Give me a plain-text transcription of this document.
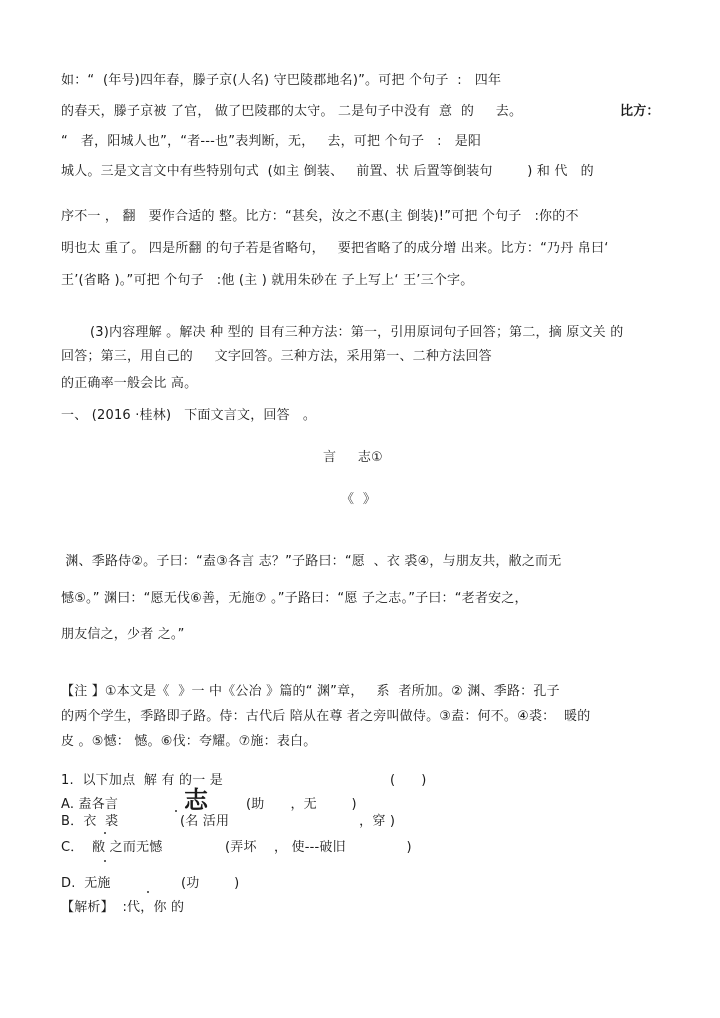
如：“  (年号)四年春，滕子京(人名) 守巴陵郡地名)”。可把 个句子  :   四年
的春天，滕子京被 了官， 做了巴陵郡的太守。 二是句子中没有  意  的     去。	比方：
“   者，阳城人也”，“者---也”表判断，无，   去，可把 个句子   :   是阳
城人。三是文言文中有些特别句式  (如主 倒装、   前置、状 后置等倒装句        ) 和 代   的
序不一 ， 翻   要作合适的 整。比方：“甚矣，汝之不惠(主 倒装)!”可把 个句子   :你的不
明也太 重了。 四是所翻 的句子若是省略句，   要把省略了的成分增 出来。比方：“乃丹 帛曰‘
王’(省略 )。”可把 个句子   :他 (主 ) 就用朱砂在 子上写上‘ 王’三个字。
(3)内容理解 。解决 种 型的 目有三种方法：第一，引用原词句子回答；第二，摘 原文关 的
回答；第三，用自己的     文字回答。三种方法，采用第一、二种方法回答
的正确率一般会比 高。
一、 (2016 ·桂林)   下面文言文，回答   。
言     志①
《  》
渊、季路侍②。子曰：“盍③各言 志？”子路曰：“愿  、衣 裘④，与朋友共，敝之而无
憾⑤。” 渊曰：“愿无伐⑥善，无施⑦ 。”子路曰：“愿 子之志。”子曰：“老者安之，
朋友信之，少者 之。”
【注 】①本文是《  》一 中《公冶 》篇的“ 渊”章，   系  者所加。② 渊、季路：孔子
的两个学生，季路即子路。侍：古代后 陪从在尊 者之旁叫做侍。③盍：何不。④裘：  暖的
皮 。⑤憾： 憾。⑥伐：夸耀。⑦施：表白。
1.  以下加点  解 有 的一 是	(      )
A. 盍各言	志	(助      ，无        )
B．衣  裘	(名 活用                              ，穿 )
C．  敝 之而无憾	(弄坏    ， 使---破旧              )
D.  无施	(功        )
【解析】  :代，你 的
